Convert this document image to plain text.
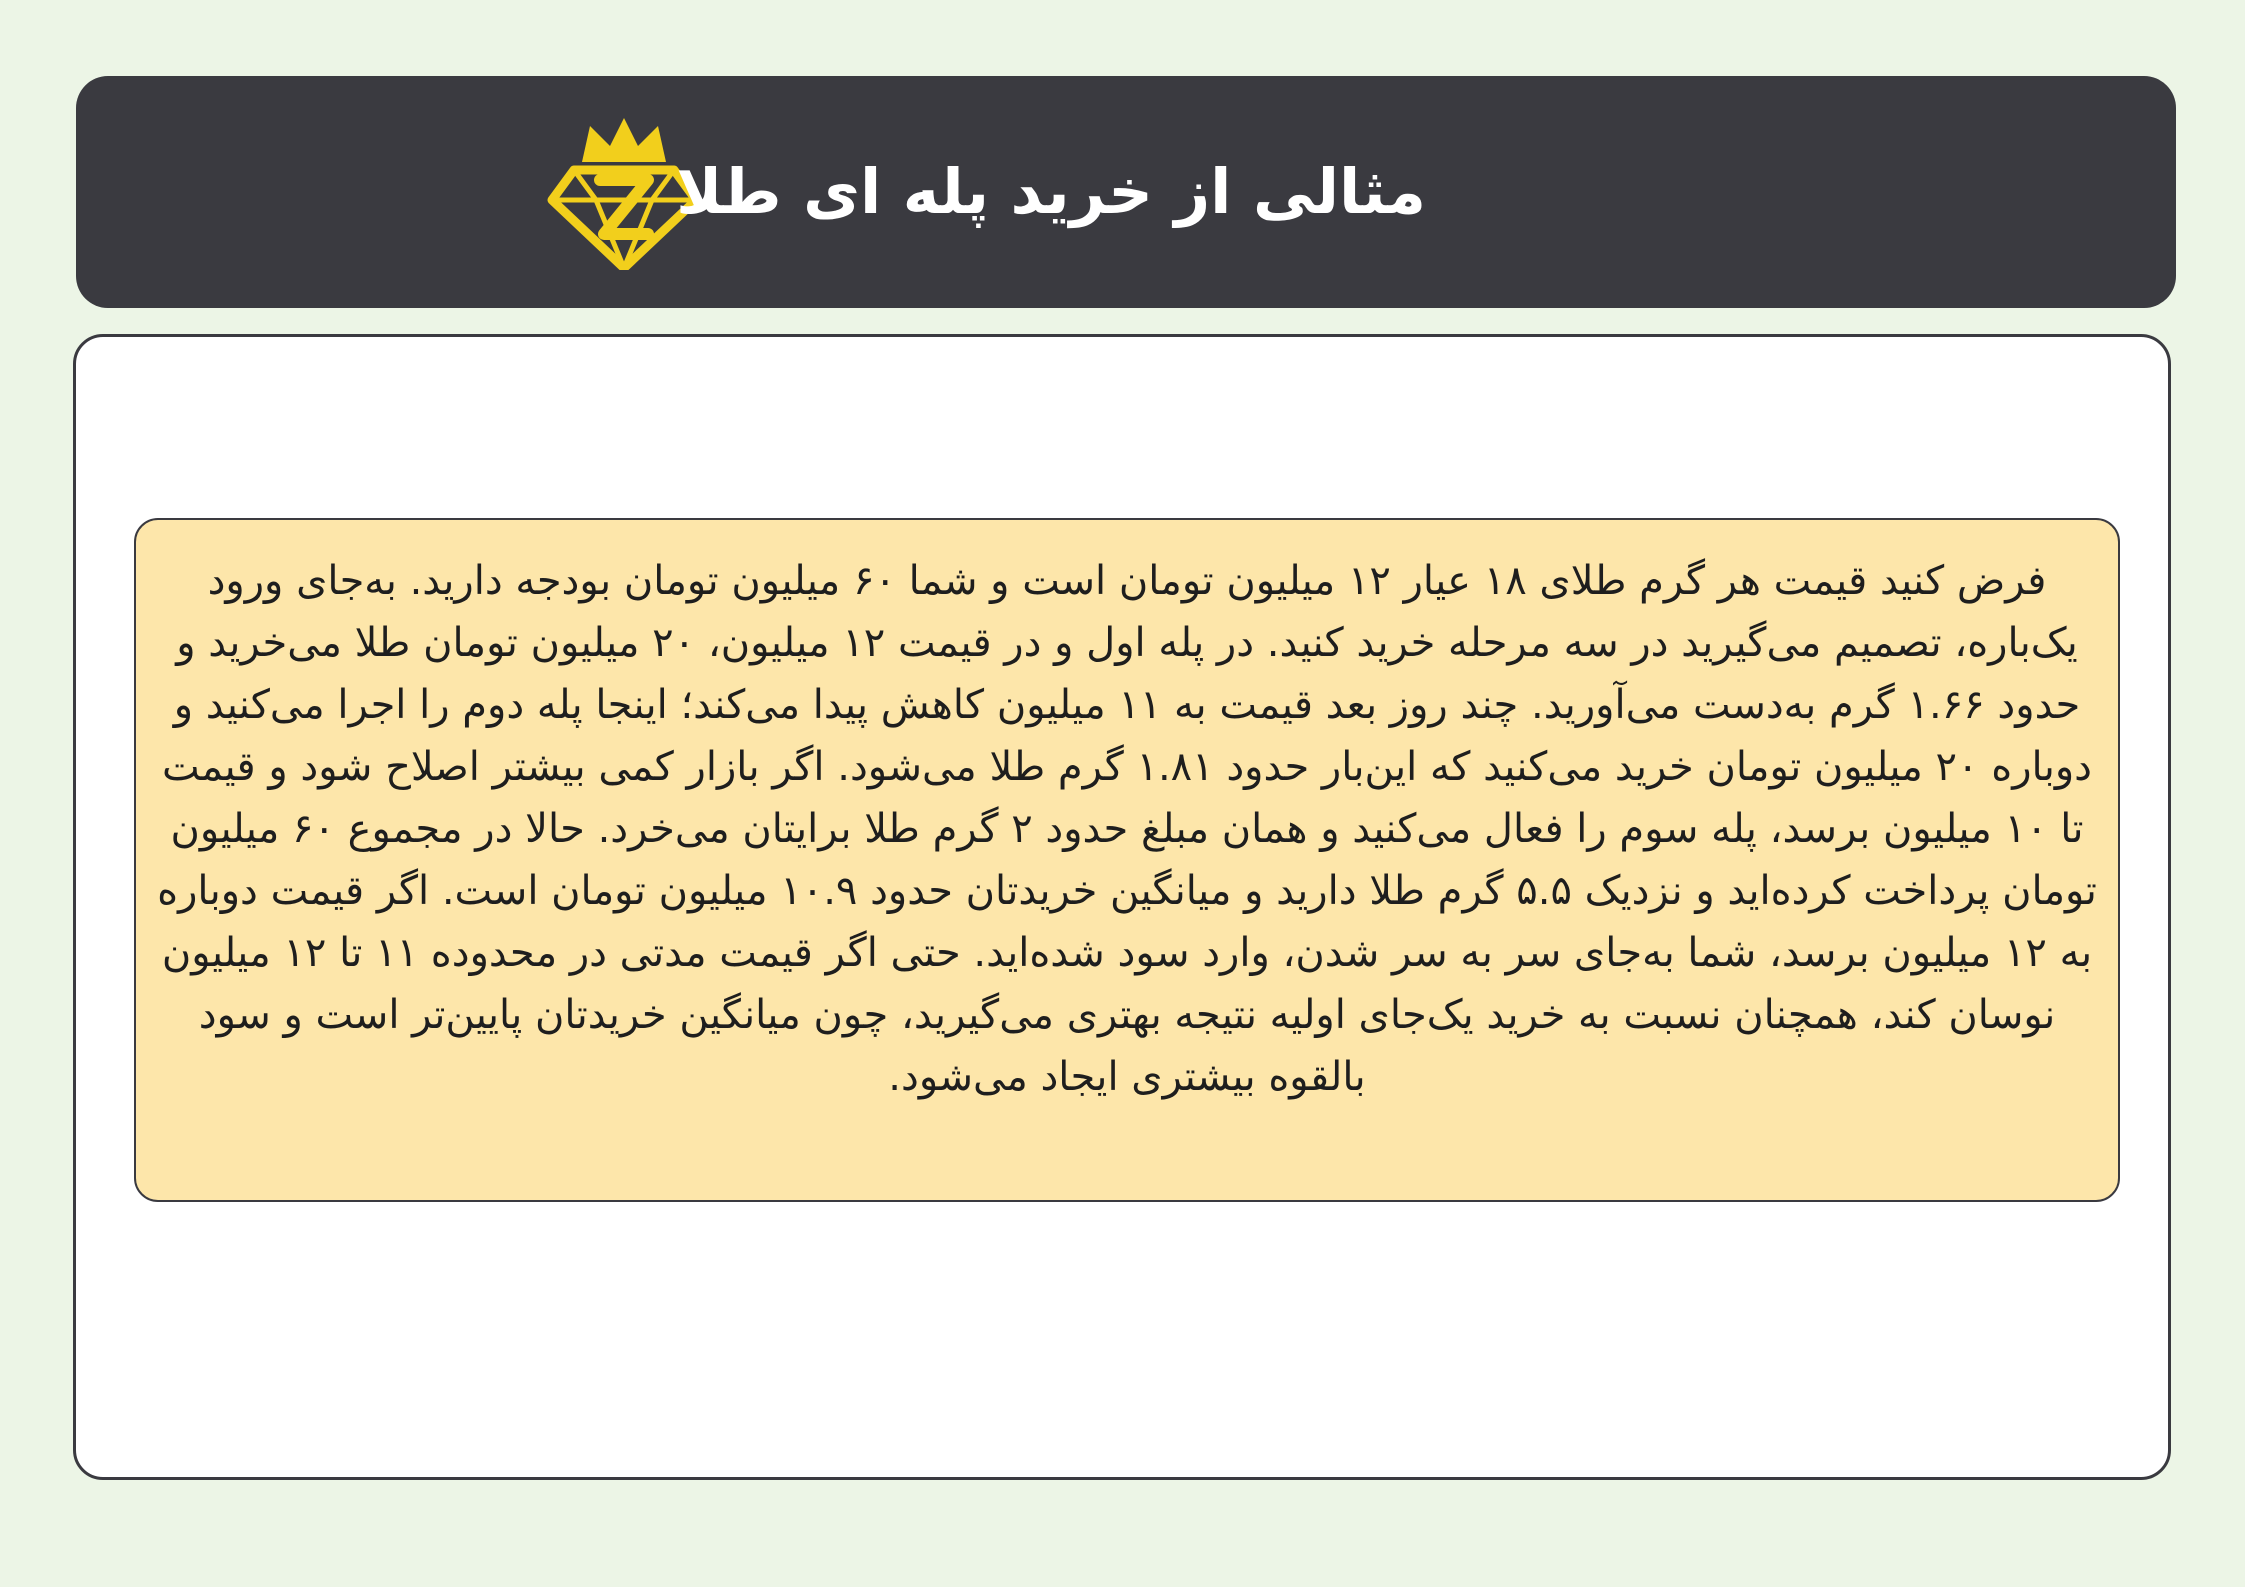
مثالی از خرید پله ای طلا

فرض کنید قیمت هر گرم طلای ۱۸ عیار ۱۲ میلیون تومان است و شما ۶۰ میلیون تومان بودجه دارید. به‌جای ورود یک‌باره، تصمیم می‌گیرید در سه مرحله خرید کنید. در پله اول و در قیمت ۱۲ میلیون، ۲۰ میلیون تومان طلا می‌خرید و حدود ۱.۶۶ گرم به‌دست می‌آورید. چند روز بعد قیمت به ۱۱ میلیون کاهش پیدا می‌کند؛ اینجا پله دوم را اجرا می‌کنید و دوباره ۲۰ میلیون تومان خرید می‌کنید که این‌بار حدود ۱.۸۱ گرم طلا می‌شود. اگر بازار کمی بیشتر اصلاح شود و قیمت تا ۱۰ میلیون برسد، پله سوم را فعال می‌کنید و همان مبلغ حدود ۲ گرم طلا برایتان می‌خرد. حالا در مجموع ۶۰ میلیون تومان پرداخت کرده‌اید و نزدیک ۵.۵ گرم طلا دارید و میانگین خریدتان حدود ۱۰.۹ میلیون تومان است. اگر قیمت دوباره به ۱۲ میلیون برسد، شما به‌جای سر به سر شدن، وارد سود شده‌اید. حتی اگر قیمت مدتی در محدوده ۱۱ تا ۱۲ میلیون نوسان کند، همچنان نسبت به خرید یک‌جای اولیه نتیجه بهتری می‌گیرید، چون میانگین خریدتان پایین‌تر است و سود بالقوه بیشتری ایجاد می‌شود.
